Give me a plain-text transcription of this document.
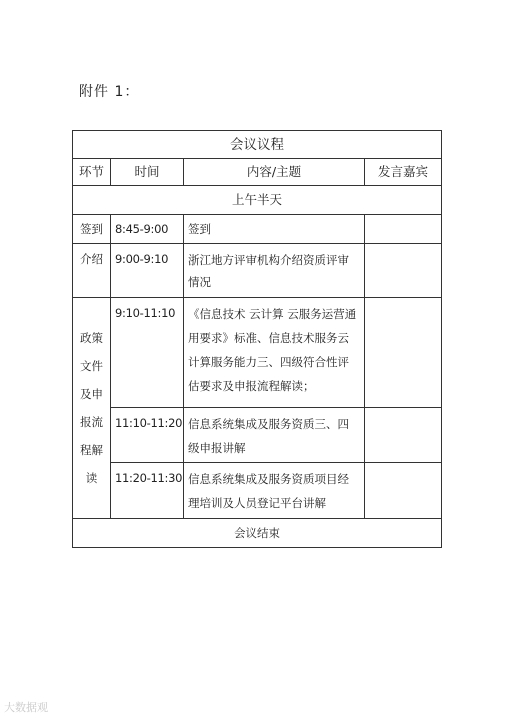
附件 1：
会议议程			
环节	时间	内容/主题	发言嘉宾
上午半天			
签到	8:45-9:00	签到	
介绍	9:00-9:10	浙江地方评审机构介绍资质评审情况	
政策文件及申报流程解读	9:10-11:10	《信息技术 云计算 云服务运营通用要求》标准、信息技术服务云计算服务能力三、四级符合性评估要求及申报流程解读；	
	11:10-11:20	信息系统集成及服务资质三、四级申报讲解	
	11:20-11:30	信息系统集成及服务资质项目经理培训及人员登记平台讲解	
会议结束			
大数据观
